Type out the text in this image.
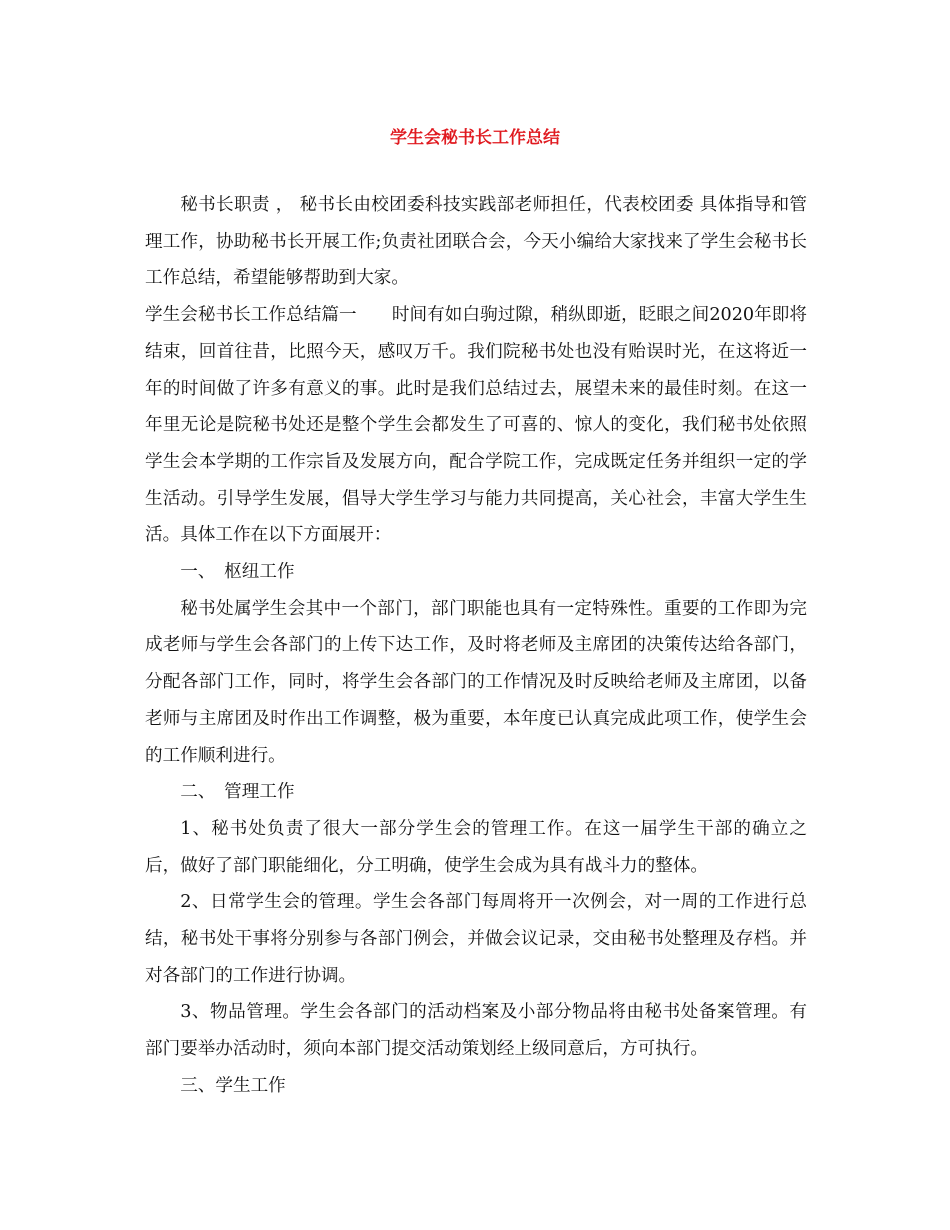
学生会秘书长工作总结

秘书长职责 ， 秘书长由校团委科技实践部老师担任，代表校团委 具体指导和管理工作，协助秘书长开展工作;负责社团联合会，今天小编给大家找来了学生会秘书长工作总结，希望能够帮助到大家。

学生会秘书长工作总结篇一　　时间有如白驹过隙，稍纵即逝，眨眼之间2020年即将结束，回首往昔，比照今天，感叹万千。我们院秘书处也没有贻误时光，在这将近一年的时间做了许多有意义的事。此时是我们总结过去，展望未来的最佳时刻。在这一年里无论是院秘书处还是整个学生会都发生了可喜的、惊人的变化，我们秘书处依照学生会本学期的工作宗旨及发展方向，配合学院工作，完成既定任务并组织一定的学生活动。引导学生发展，倡导大学生学习与能力共同提高，关心社会，丰富大学生生活。具体工作在以下方面展开：

一、　枢纽工作

秘书处属学生会其中一个部门，部门职能也具有一定特殊性。重要的工作即为完成老师与学生会各部门的上传下达工作，及时将老师及主席团的决策传达给各部门，分配各部门工作，同时，将学生会各部门的工作情况及时反映给老师及主席团，以备老师与主席团及时作出工作调整，极为重要，本年度已认真完成此项工作，使学生会的工作顺利进行。

二、　管理工作

1、秘书处负责了很大一部分学生会的管理工作。在这一届学生干部的确立之后，做好了部门职能细化，分工明确，使学生会成为具有战斗力的整体。

2、日常学生会的管理。学生会各部门每周将开一次例会，对一周的工作进行总结，秘书处干事将分别参与各部门例会，并做会议记录，交由秘书处整理及存档。并对各部门的工作进行协调。

3、物品管理。学生会各部门的活动档案及小部分物品将由秘书处备案管理。有部门要举办活动时，须向本部门提交活动策划经上级同意后，方可执行。

三、学生工作
